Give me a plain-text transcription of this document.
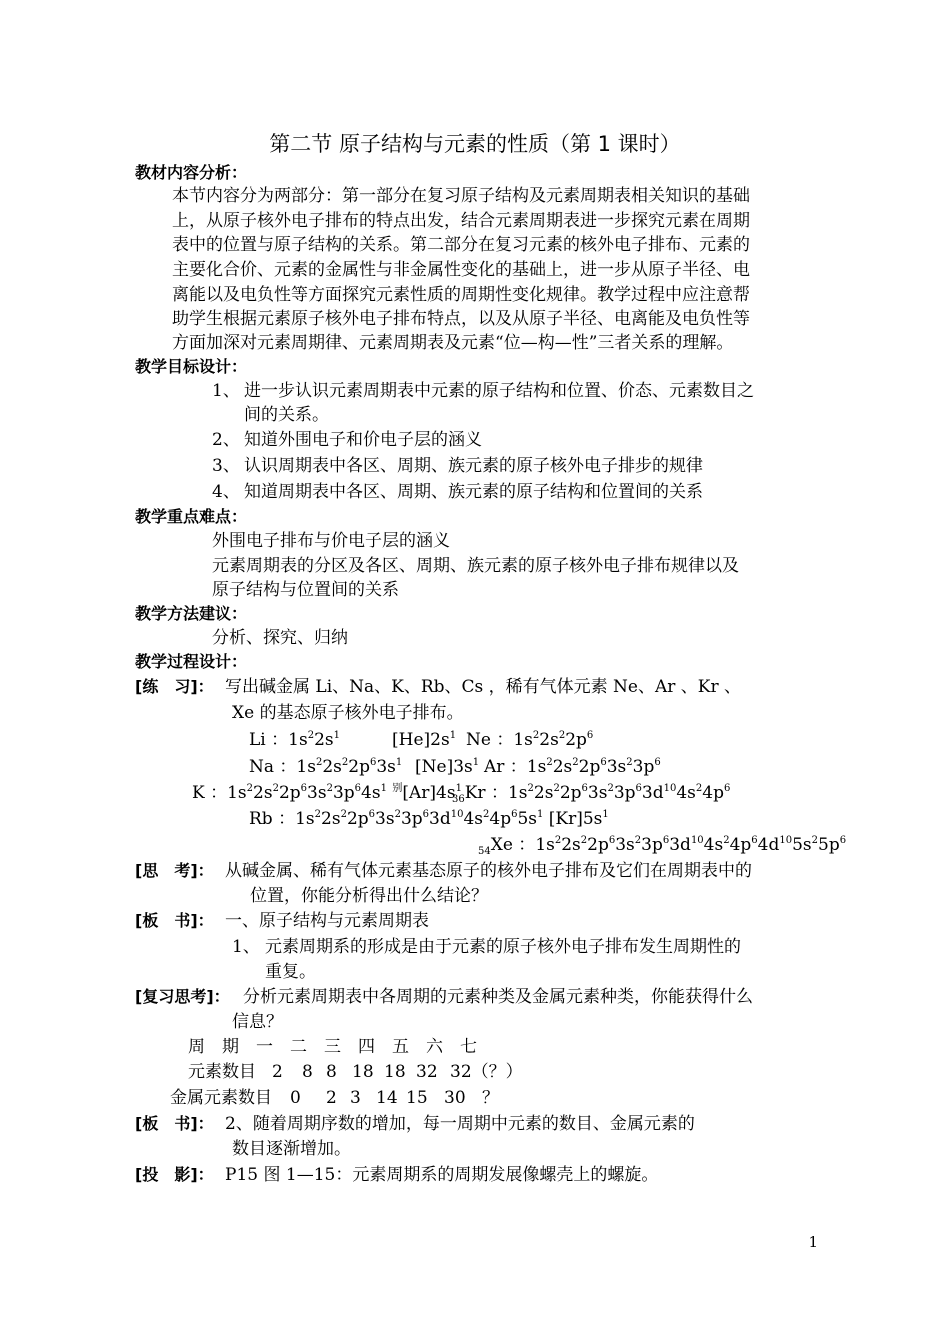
第二节 原子结构与元素的性质（第 1 课时）
教材内容分析：
本节内容分为两部分：第一部分在复习原子结构及元素周期表相关知识的基础
上，从原子核外电子排布的特点出发，结合元素周期表进一步探究元素在周期
表中的位置与原子结构的关系。第二部分在复习元素的核外电子排布、元素的
主要化合价、元素的金属性与非金属性变化的基础上，进一步从原子半径、电
离能以及电负性等方面探究元素性质的周期性变化规律。教学过程中应注意帮
助学生根据元素原子核外电子排布特点，以及从原子半径、电离能及电负性等
方面加深对元素周期律、元素周期表及元素“位—构—性”三者关系的理解。
教学目标设计：
1、 进一步认识元素周期表中元素的原子结构和位置、价态、元素数目之
间的关系。
2、 知道外围电子和价电子层的涵义
3、 认识周期表中各区、周期、族元素的原子核外电子排步的规律
4、 知道周期表中各区、周期、族元素的原子结构和位置间的关系
教学重点难点：
外围电子排布与价电子层的涵义
元素周期表的分区及各区、周期、族元素的原子核外电子排布规律以及
原子结构与位置间的关系
教学方法建议：
分析、探究、归纳
教学过程设计：
[练　习]： 写出碱金属 Li、Na、K、Rb、Cs ，稀有气体元素 Ne、Ar 、Kr 、
Xe 的基态原子核外电子排布。
Li ：$1s^22s^1$	$[He]2s^1$ Ne ：$1s^22s^22p^6$
Na ：$1s^22s^22p^63s^1$ $[Ne]3s^1$ Ar ：$1s^22s^22p^63s^23p^6$
K ：$1s^22s^22p^63s^23p^64s^1$ $^别[Ar]4s^1$
$_{36}$Kr ：$1s^22s^22p^63s^23p^63d^{10}4s^24p^6$
Rb ：$1s^22s^22p^63s^23p^63d^{10}4s^24p^65s^1$ $[Kr]5s^1$
$_{54}$Xe ：$1s^22s^22p^63s^23p^63d^{10}4s^24p^64d^{10}5s^25p^6$
[思　考]： 从碱金属、稀有气体元素基态原子的核外电子排布及它们在周期表中的
位置，你能分析得出什么结论？
[板　书]： 一、原子结构与元素周期表
1、 元素周期系的形成是由于元素的原子核外电子排布发生周期性的
重复。
[复习思考]： 分析元素周期表中各周期的元素种类及金属元素种类，你能获得什么
信息？
周　期 一 二 三 四 五 六 七
元素数目 2 8 8 18 18 32 32（？）
金属元素数目 0 2 3 14 15 30 ？
[板　书]： 2、随着周期序数的增加，每一周期中元素的数目、金属元素的
数目逐渐增加。
[投　影]： P15 图 1—15：元素周期系的周期发展像螺壳上的螺旋。
1
